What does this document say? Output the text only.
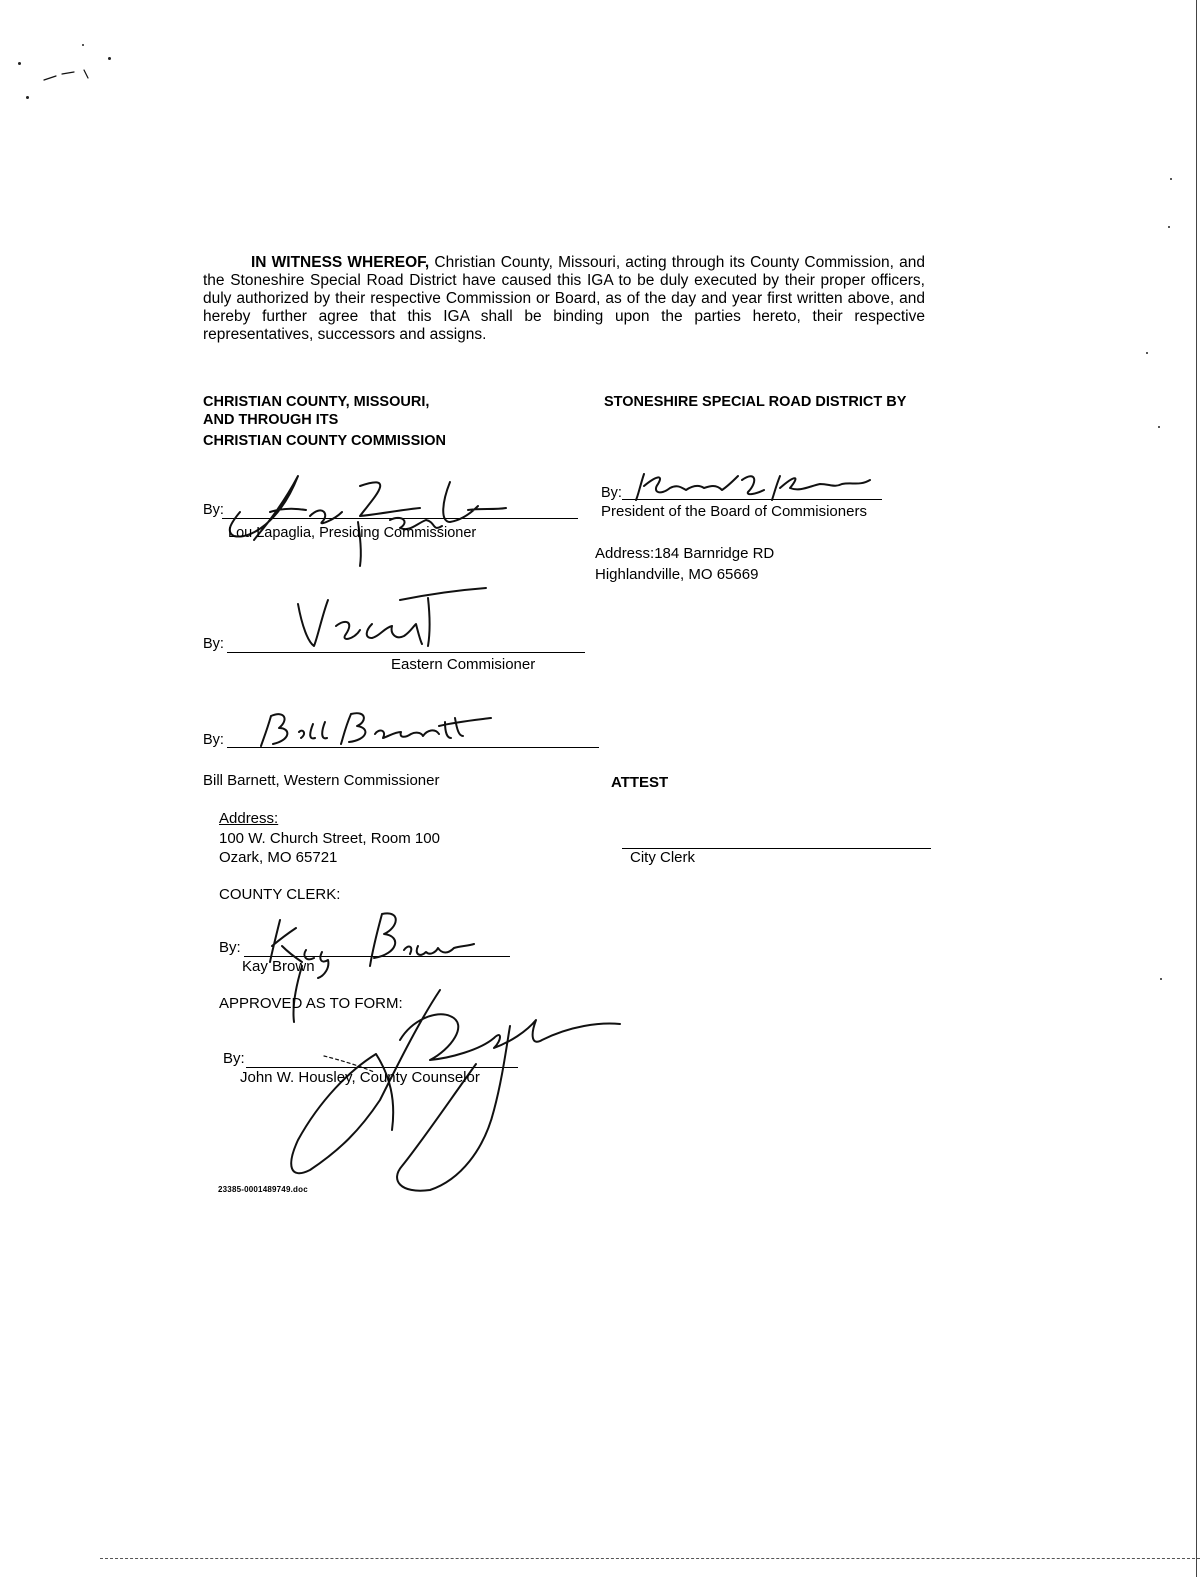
IN WITNESS WHEREOF, Christian County, Missouri, acting through its County Commission, and the Stoneshire Special Road District have caused this IGA to be duly executed by their proper officers, duly authorized by their respective Commission or Board, as of the day and year first written above, and hereby further agree that this IGA shall be binding upon the parties hereto, their respective representatives, successors and assigns.
CHRISTIAN COUNTY, MISSOURI,
AND THROUGH ITS
CHRISTIAN COUNTY COMMISSION
STONESHIRE SPECIAL ROAD DISTRICT BY
By:
Lou Lapaglia, Presiding Commissioner
By:
President of the Board of Commisioners
Address:184 Barnridge RD
Highlandville, MO 65669
By:
Eastern Commisioner
By:
Bill Barnett, Western Commissioner	ATTEST
City Clerk
Address:
100 W. Church Street, Room 100
Ozark, MO 65721
COUNTY CLERK:
By:
Kay Brown
APPROVED AS TO FORM:
By:
John W. Housley, County Counselor
23385-0001489749.doc
